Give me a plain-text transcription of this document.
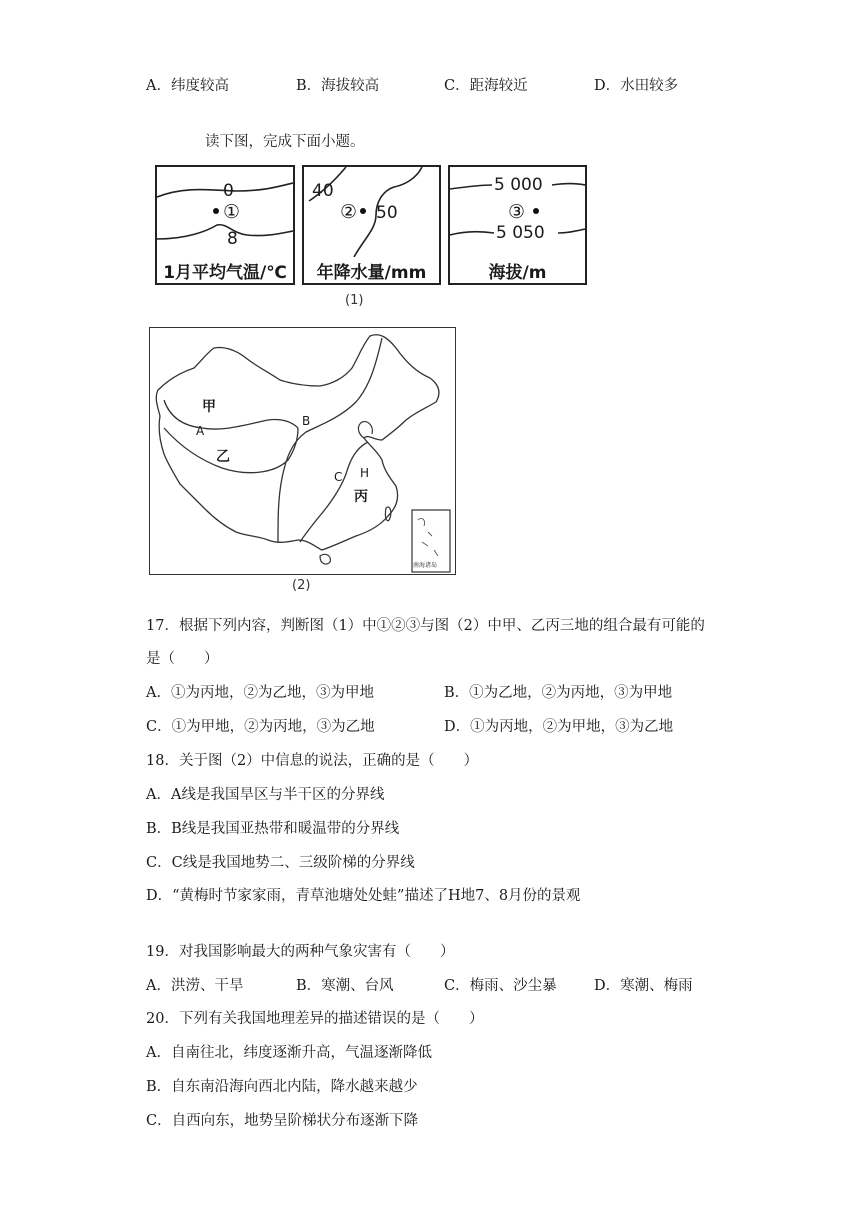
A．纬度较高	B．海拔较高	C．距海较近	D．水田较多
读下图，完成下面小题。
0
①
8
1月平均气温/℃
40
② 50
年降水量/mm
5 000
③
5 050
海拔/m
(1)
甲
A
B
乙
C H
丙
南海诸岛
(2)
17．根据下列内容，判断图（1）中①②③与图（2）中甲、乙丙三地的组合最有可能的
是（　　）
A．①为丙地，②为乙地，③为甲地	B．①为乙地，②为丙地，③为甲地
C．①为甲地，②为丙地，③为乙地	D．①为丙地，②为甲地，③为乙地
18．关于图（2）中信息的说法，正确的是（　　）
A．A线是我国旱区与半干区的分界线
B．B线是我国亚热带和暖温带的分界线
C．C线是我国地势二、三级阶梯的分界线
D．“黄梅时节家家雨，青草池塘处处蛙”描述了H地7、8月份的景观
19．对我国影响最大的两种气象灾害有（　　）
A．洪涝、干旱	B．寒潮、台风	C．梅雨、沙尘暴	D．寒潮、梅雨
20．下列有关我国地理差异的描述错误的是（　　）
A．自南往北，纬度逐渐升高，气温逐渐降低
B．自东南沿海向西北内陆，降水越来越少
C．自西向东，地势呈阶梯状分布逐渐下降
